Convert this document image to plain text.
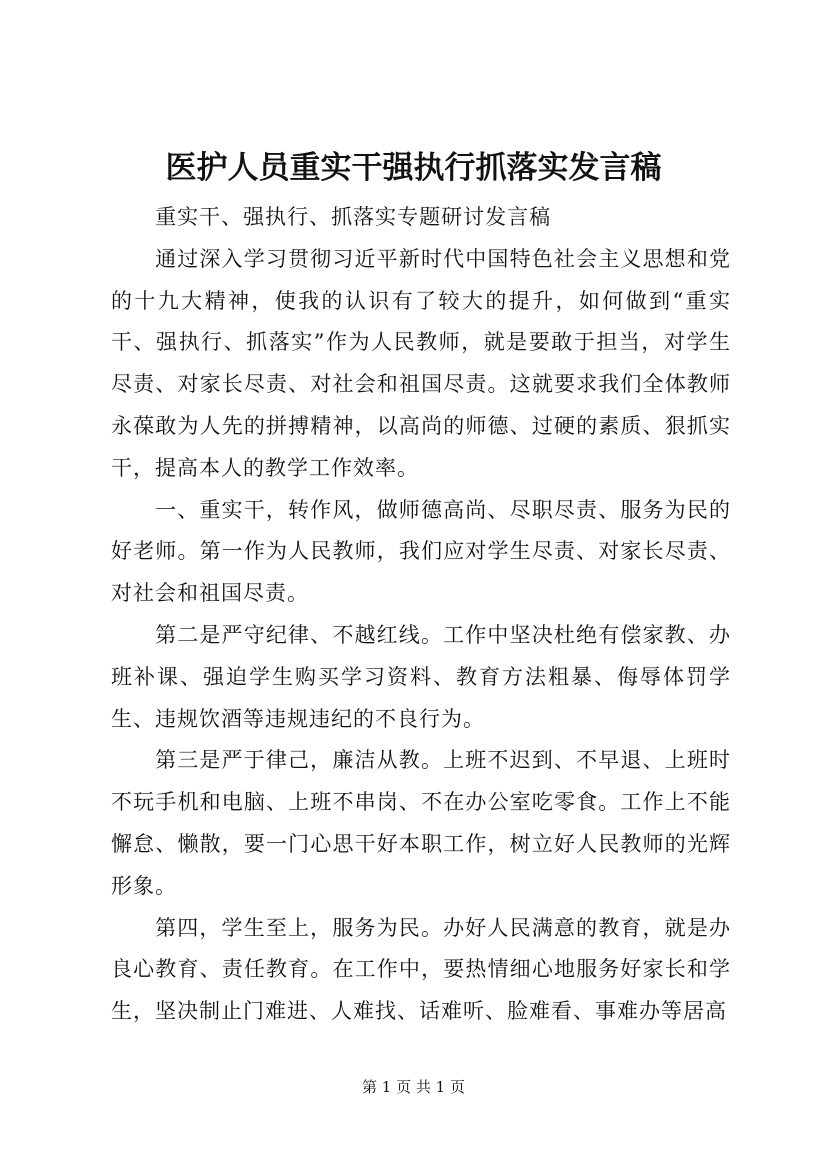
医护人员重实干强执行抓落实发言稿

重实干、强执行、抓落实专题研讨发言稿

通过深入学习贯彻习近平新时代中国特色社会主义思想和党的十九大精神，使我的认识有了较大的提升，如何做到“重实干、强执行、抓落实”作为人民教师，就是要敢于担当，对学生尽责、对家长尽责、对社会和祖国尽责。这就要求我们全体教师永葆敢为人先的拼搏精神，以高尚的师德、过硬的素质、狠抓实干，提高本人的教学工作效率。

一、重实干，转作风，做师德高尚、尽职尽责、服务为民的好老师。第一作为人民教师，我们应对学生尽责、对家长尽责、对社会和祖国尽责。

第二是严守纪律、不越红线。工作中坚决杜绝有偿家教、办班补课、强迫学生购买学习资料、教育方法粗暴、侮辱体罚学生、违规饮酒等违规违纪的不良行为。

第三是严于律己，廉洁从教。上班不迟到、不早退、上班时不玩手机和电脑、上班不串岗、不在办公室吃零食。工作上不能懈怠、懒散，要一门心思干好本职工作，树立好人民教师的光辉形象。

第四，学生至上，服务为民。办好人民满意的教育，就是办良心教育、责任教育。在工作中，要热情细心地服务好家长和学生，坚决制止门难进、人难找、话难听、脸难看、事难办等居高

第 1 页 共 1 页
